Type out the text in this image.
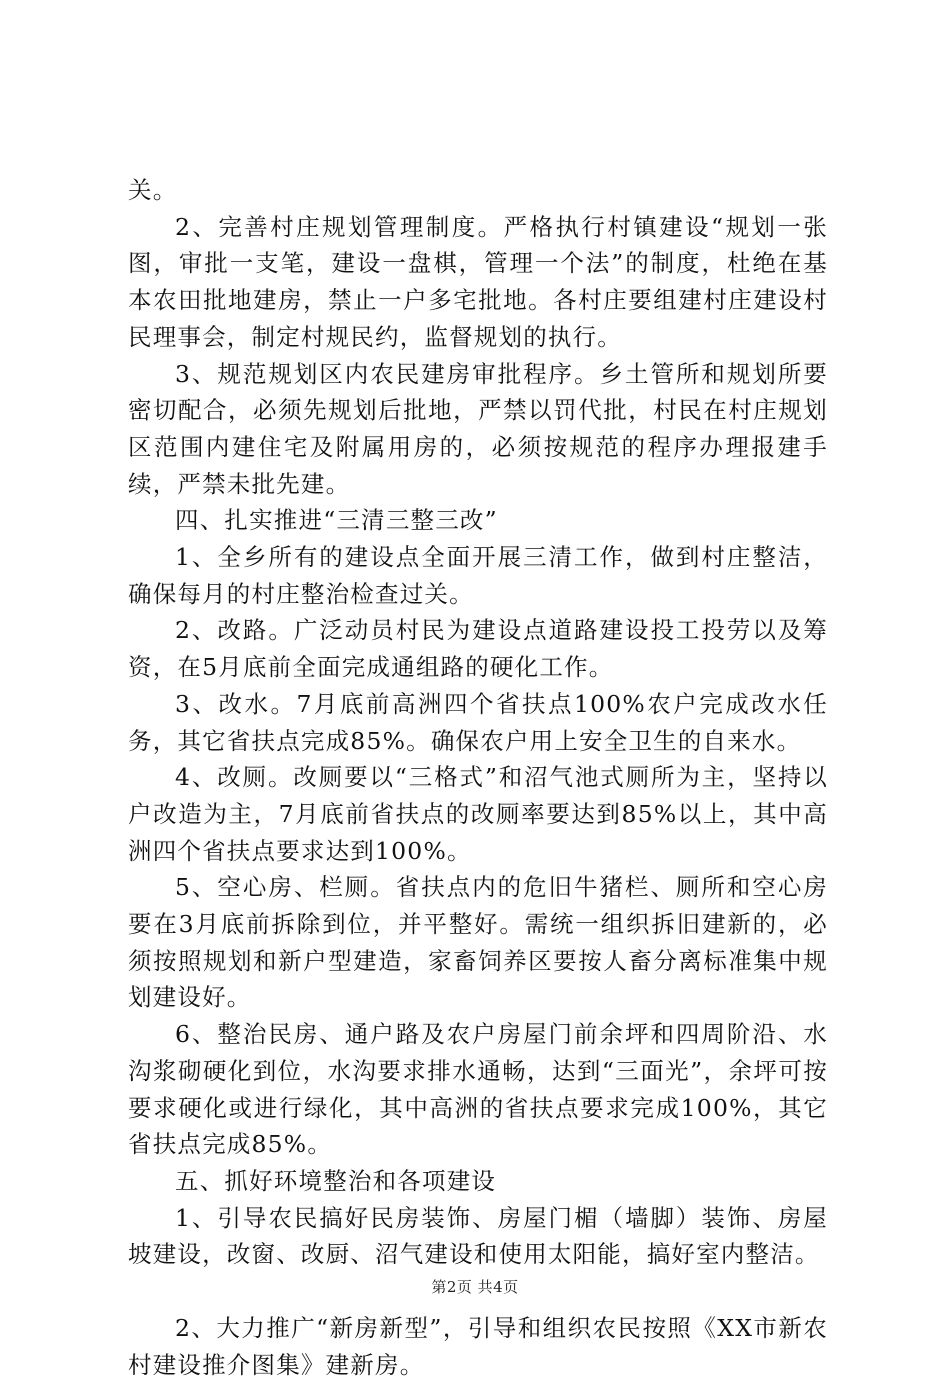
关。

2、完善村庄规划管理制度。严格执行村镇建设“规划一张图，审批一支笔，建设一盘棋，管理一个法”的制度，杜绝在基本农田批地建房，禁止一户多宅批地。各村庄要组建村庄建设村民理事会，制定村规民约，监督规划的执行。

3、规范规划区内农民建房审批程序。乡土管所和规划所要密切配合，必须先规划后批地，严禁以罚代批，村民在村庄规划区范围内建住宅及附属用房的，必须按规范的程序办理报建手续，严禁未批先建。

四、扎实推进“三清三整三改”

1、全乡所有的建设点全面开展三清工作，做到村庄整洁，确保每月的村庄整治检查过关。

2、改路。广泛动员村民为建设点道路建设投工投劳以及筹资，在5月底前全面完成通组路的硬化工作。

3、改水。7月底前高洲四个省扶点100%农户完成改水任务，其它省扶点完成85%。确保农户用上安全卫生的自来水。

4、改厕。改厕要以“三格式”和沼气池式厕所为主，坚持以户改造为主，7月底前省扶点的改厕率要达到85%以上，其中高洲四个省扶点要求达到100%。

5、空心房、栏厕。省扶点内的危旧牛猪栏、厕所和空心房要在3月底前拆除到位，并平整好。需统一组织拆旧建新的，必须按照规划和新户型建造，家畜饲养区要按人畜分离标准集中规划建设好。

6、整治民房、通户路及农户房屋门前余坪和四周阶沿、水沟浆砌硬化到位，水沟要求排水通畅，达到“三面光”，余坪可按要求硬化或进行绿化，其中高洲的省扶点要求完成100%，其它省扶点完成85%。

五、抓好环境整治和各项建设

1、引导农民搞好民房装饰、房屋门楣（墙脚）装饰、房屋坡建设，改窗、改厨、沼气建设和使用太阳能，搞好室内整洁。

2、大力推广“新房新型”，引导和组织农民按照《XX市新农村建设推介图集》建新房。

第2页 共4页
